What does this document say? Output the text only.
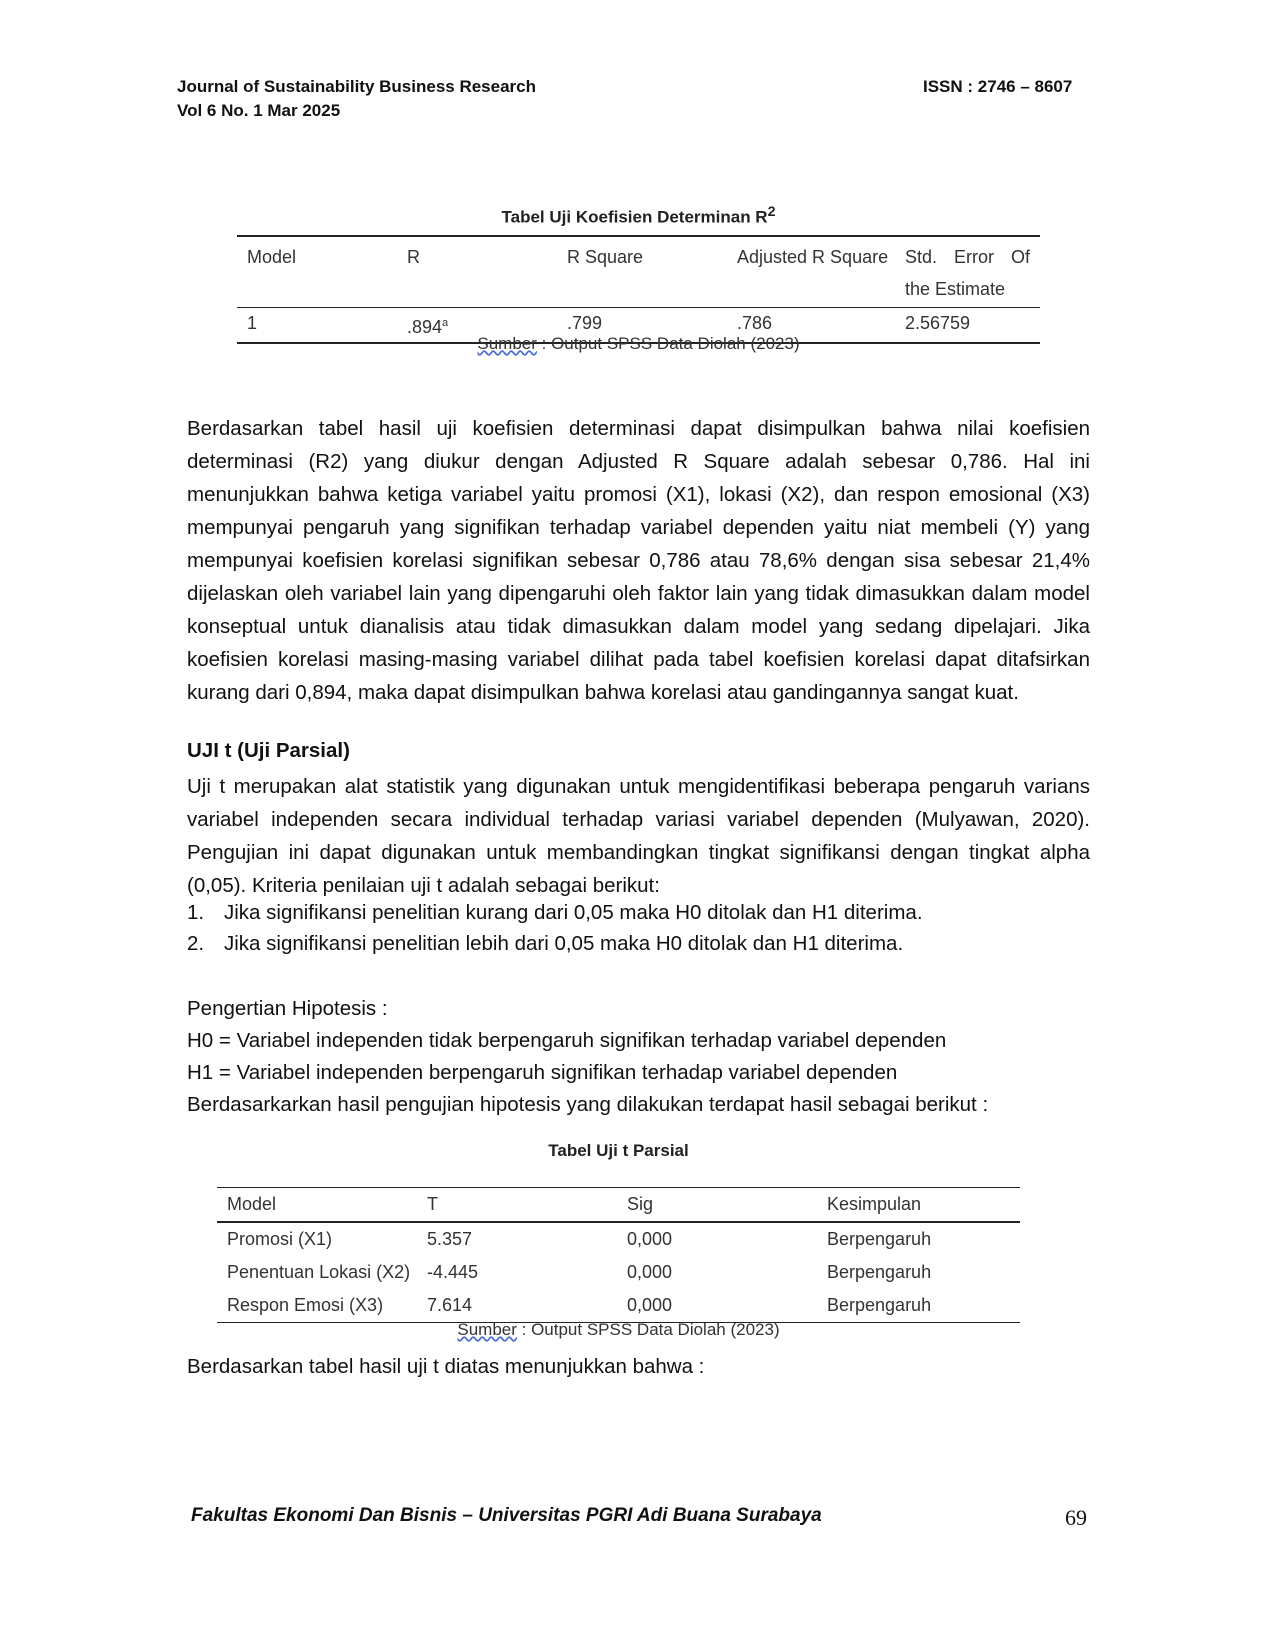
Journal of Sustainability Business Research
Vol 6 No. 1 Mar 2025
ISSN : 2746 – 8607
Tabel Uji Koefisien Determinan $R^2$
Model	R	R Square	Adjusted R Square	Std. Error Of the Estimate
1	.894$^a$	.799	.786	2.56759
Sumber : Output SPSS Data Diolah (2023)
Berdasarkan tabel hasil uji koefisien determinasi dapat disimpulkan bahwa nilai koefisien determinasi (R2) yang diukur dengan Adjusted R Square adalah sebesar 0,786. Hal ini menunjukkan bahwa ketiga variabel yaitu promosi (X1), lokasi (X2), dan respon emosional (X3) mempunyai pengaruh yang signifikan terhadap variabel dependen yaitu niat membeli (Y) yang mempunyai koefisien korelasi signifikan sebesar 0,786 atau 78,6% dengan sisa sebesar 21,4% dijelaskan oleh variabel lain yang dipengaruhi oleh faktor lain yang tidak dimasukkan dalam model konseptual untuk dianalisis atau tidak dimasukkan dalam model yang sedang dipelajari. Jika koefisien korelasi masing-masing variabel dilihat pada tabel koefisien korelasi dapat ditafsirkan kurang dari 0,894, maka dapat disimpulkan bahwa korelasi atau gandingannya sangat kuat.
UJI t (Uji Parsial)
Uji t merupakan alat statistik yang digunakan untuk mengidentifikasi beberapa pengaruh varians variabel independen secara individual terhadap variasi variabel dependen (Mulyawan, 2020). Pengujian ini dapat digunakan untuk membandingkan tingkat signifikansi dengan tingkat alpha (0,05). Kriteria penilaian uji t adalah sebagai berikut:
1. Jika signifikansi penelitian kurang dari 0,05 maka H0 ditolak dan H1 diterima.
2. Jika signifikansi penelitian lebih dari 0,05 maka H0 ditolak dan H1 diterima.
Pengertian Hipotesis :
H0 = Variabel independen tidak berpengaruh signifikan terhadap variabel dependen
H1 = Variabel independen berpengaruh signifikan terhadap variabel dependen
Berdasarkarkan hasil pengujian hipotesis yang dilakukan terdapat hasil sebagai berikut :
Tabel Uji t Parsial
Model	T	Sig	Kesimpulan
Promosi (X1)	5.357	0,000	Berpengaruh
Penentuan Lokasi (X2)	-4.445	0,000	Berpengaruh
Respon Emosi (X3)	7.614	0,000	Berpengaruh
Sumber : Output SPSS Data Diolah (2023)
Berdasarkan tabel hasil uji t diatas menunjukkan bahwa :
Fakultas Ekonomi Dan Bisnis – Universitas PGRI Adi Buana Surabaya	69
